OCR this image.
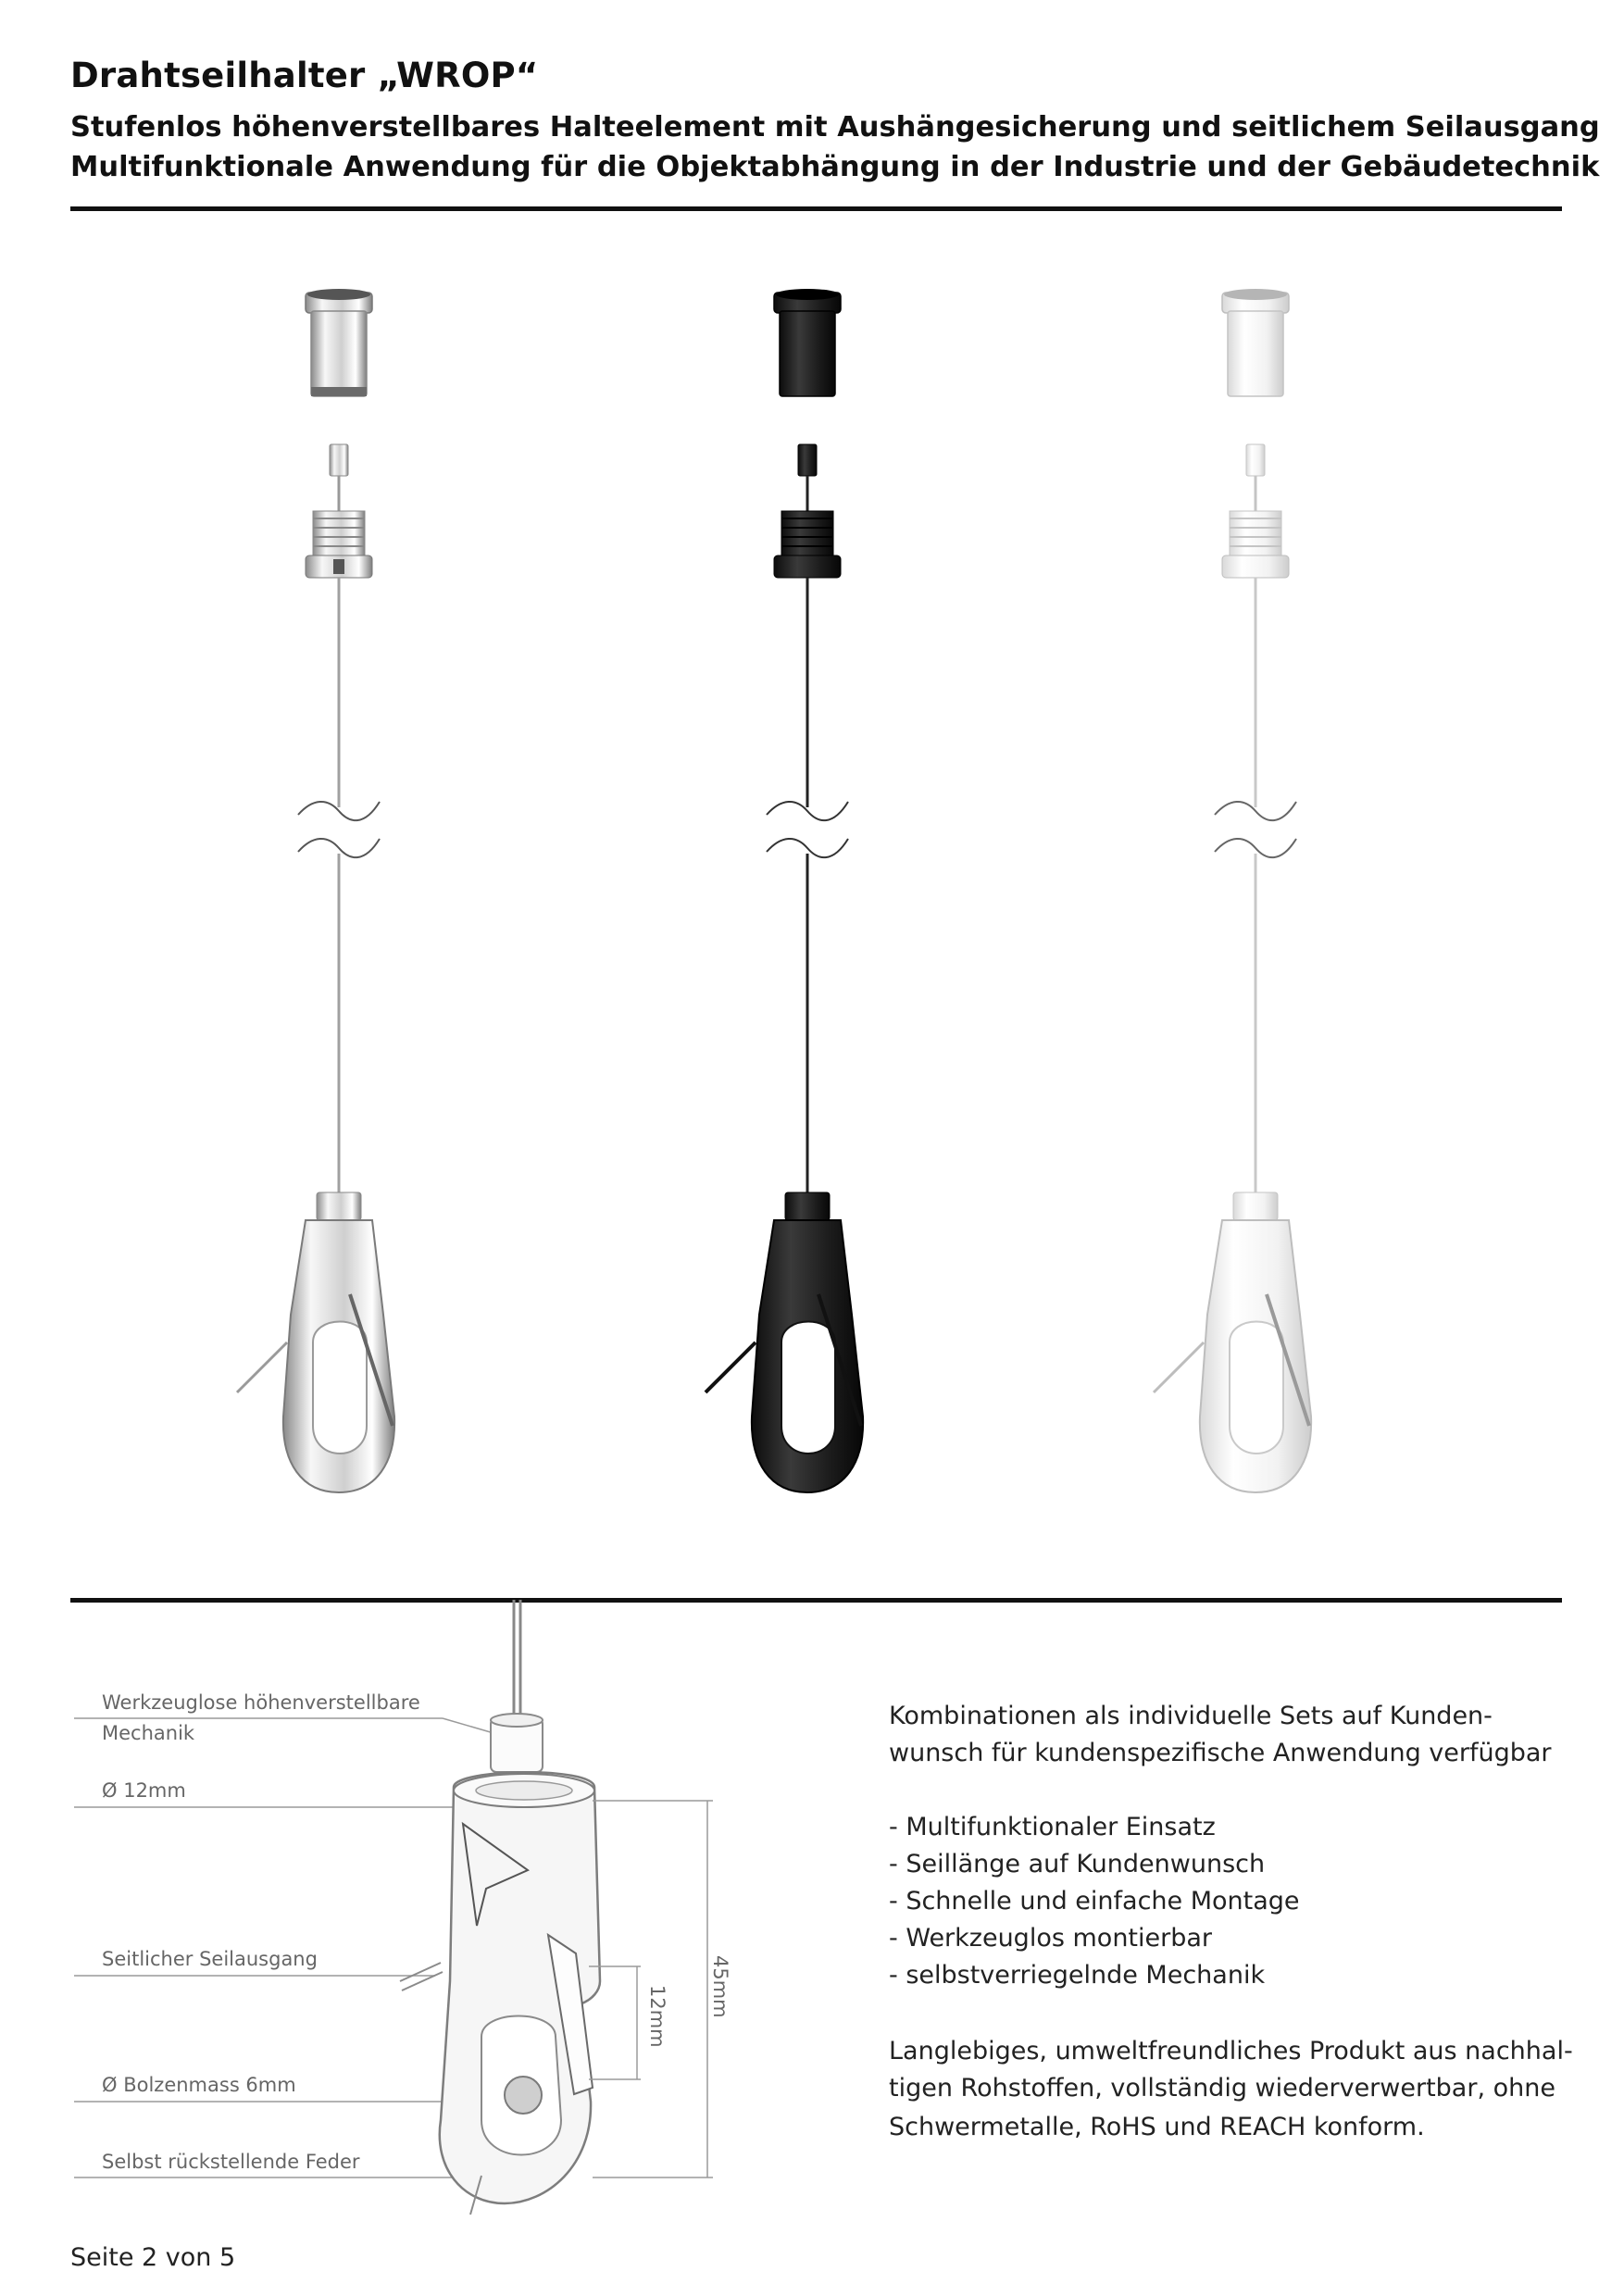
Drahtseilhalter „WROP“
Stufenlos höhenverstellbares Halteelement mit Aushängesicherung und seitlichem Seilausgang
Multifunktionale Anwendung für die Objektabhängung in der Industrie und der Gebäudetechnik
Werkzeuglose höhenverstellbare
Mechanik
Ø 12mm
Seitlicher Seilausgang
Ø Bolzenmass 6mm
Selbst rückstellende Feder
45mm
12mm
Kombinationen als individuelle Sets auf Kunden-
wunsch für kundenspezifische Anwendung verfügbar
- Multifunktionaler Einsatz
- Seillänge auf Kundenwunsch
- Schnelle und einfache Montage
- Werkzeuglos montierbar
- selbstverriegelnde Mechanik
Langlebiges, umweltfreundliches Produkt aus nachhal-
tigen Rohstoffen, vollständig wiederverwertbar, ohne
Schwermetalle, RoHS und REACH konform.
Seite 2 von 5
